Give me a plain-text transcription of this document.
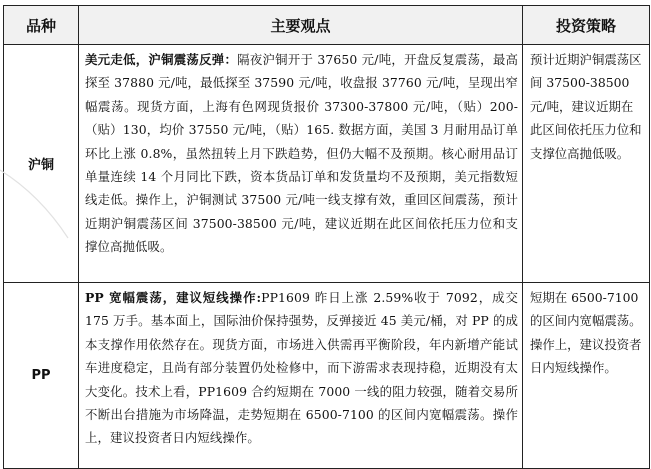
品种	主要观点	投资策略
沪铜	美元走低，沪铜震荡反弹：隔夜沪铜开于 37650 元/吨，开盘反复震荡，最高探至 37880 元/吨，最低探至 37590 元/吨，收盘报 37760 元/吨，呈现出窄幅震荡。现货方面，上海有色网现货报价 37300-37800 元/吨，（贴）200-（贴）130，均价 37550 元/吨，（贴）165. 数据方面，美国 3 月耐用品订单环比上涨 0.8%，虽然扭转上月下跌趋势，但仍大幅不及预期。核心耐用品订单量连续 14 个月同比下跌，资本货品订单和发货量均不及预期，美元指数短线走低。操作上，沪铜测试 37500 元/吨一线支撑有效，重回区间震荡，预计近期沪铜震荡区间 37500-38500 元/吨，建议近期在此区间依托压力位和支撑位高抛低吸。	预计近期沪铜震荡区间 37500-38500 元/吨，建议近期在此区间依托压力位和支撑位高抛低吸。
PP	PP 宽幅震荡，建议短线操作:PP1609 昨日上涨 2.59%收于 7092，成交 175 万手。基本面上，国际油价保持强势，反弹接近 45 美元/桶，对 PP 的成本支撑作用依然存在。现货方面，市场进入供需再平衡阶段，年内新增产能试车进度稳定，且尚有部分装置仍处检修中，而下游需求表现持稳，近期没有太大变化。技术上看，PP1609 合约短期在 7000 一线的阻力较强，随着交易所不断出台措施为市场降温，走势短期在 6500-7100 的区间内宽幅震荡。操作上，建议投资者日内短线操作。	短期在 6500-7100 的区间内宽幅震荡。操作上，建议投资者日内短线操作。
